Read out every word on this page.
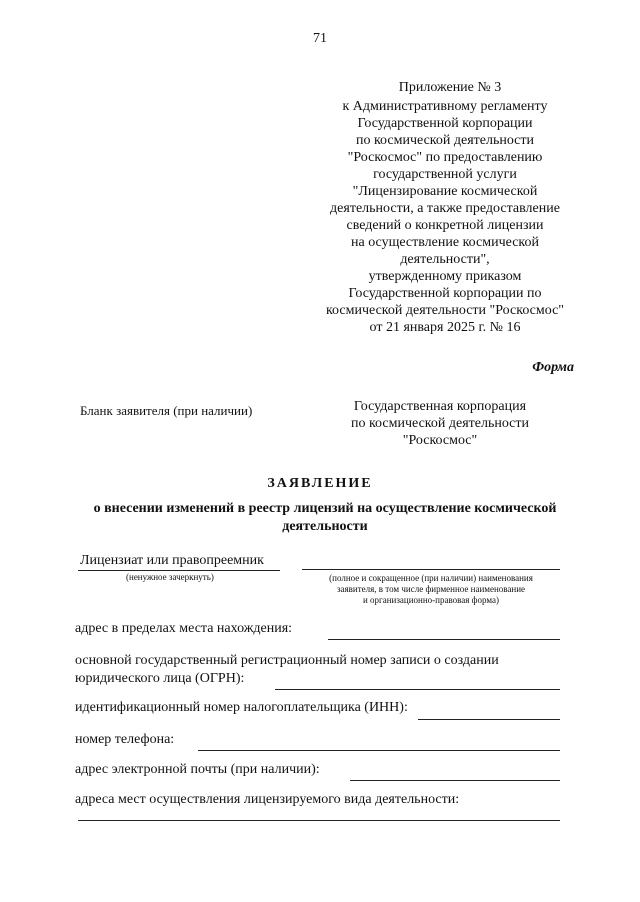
71
Приложение № 3
к Административному регламенту
Государственной корпорации
по космической деятельности
"Роскосмос" по предоставлению
государственной услуги
"Лицензирование космической
деятельности, а также предоставление
сведений о конкретной лицензии
на осуществление космической
деятельности",
утвержденному приказом
Государственной корпорации по
космической деятельности "Роскосмос"
от 21 января 2025 г. № 16
Форма
Бланк заявителя (при наличии)	Государственная корпорация
по космической деятельности
"Роскосмос"
ЗАЯВЛЕНИЕ
о внесении изменений в реестр лицензий на осуществление космической
деятельности
Лицензиат или правопреемник
(ненужное зачеркнуть)	(полное и сокращенное (при наличии) наименования
заявителя, в том числе фирменное наименование
и организационно-правовая форма)
адрес в пределах места нахождения:
основной государственный регистрационный номер записи о создании
юридического лица (ОГРН):
идентификационный номер налогоплательщика (ИНН):
номер телефона:
адрес электронной почты (при наличии):
адреса мест осуществления лицензируемого вида деятельности:
